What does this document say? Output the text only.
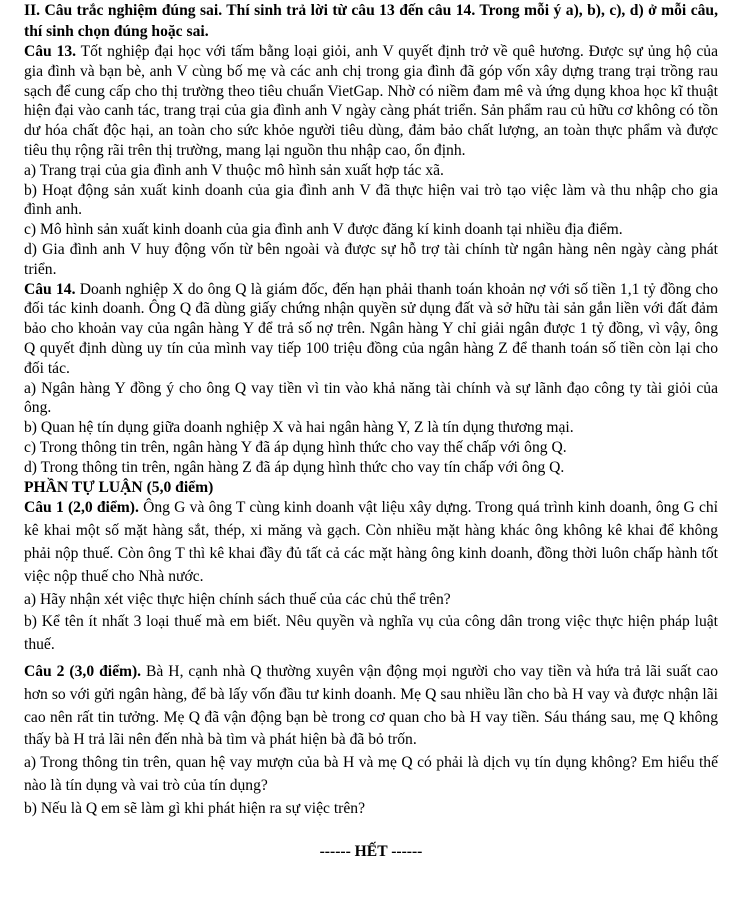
II. Câu trắc nghiệm đúng sai. Thí sinh trả lời từ câu 13 đến câu 14. Trong mỗi ý a), b), c), d) ở mỗi câu, thí sinh chọn đúng hoặc sai.

Câu 13. Tốt nghiệp đại học với tấm bằng loại giỏi, anh V quyết định trở về quê hương. Được sự ủng hộ của gia đình và bạn bè, anh V cùng bố mẹ và các anh chị trong gia đình đã góp vốn xây dựng trang trại trồng rau sạch để cung cấp cho thị trường theo tiêu chuẩn VietGap. Nhờ có niềm đam mê và ứng dụng khoa học kĩ thuật hiện đại vào canh tác, trang trại của gia đình anh V ngày càng phát triển. Sản phẩm rau củ hữu cơ không có tồn dư hóa chất độc hại, an toàn cho sức khỏe người tiêu dùng, đảm bảo chất lượng, an toàn thực phẩm và được tiêu thụ rộng rãi trên thị trường, mang lại nguồn thu nhập cao, ổn định.

a) Trang trại của gia đình anh V thuộc mô hình sản xuất hợp tác xã.

b) Hoạt động sản xuất kinh doanh của gia đình anh V đã thực hiện vai trò tạo việc làm và thu nhập cho gia đình anh.

c) Mô hình sản xuất kinh doanh của gia đình anh V được đăng kí kinh doanh tại nhiều địa điểm.

d) Gia đình anh V huy động vốn từ bên ngoài và được sự hỗ trợ tài chính từ ngân hàng nên ngày càng phát triển.

Câu 14. Doanh nghiệp X do ông Q là giám đốc, đến hạn phải thanh toán khoản nợ với số tiền 1,1 tỷ đồng cho đối tác kinh doanh. Ông Q đã dùng giấy chứng nhận quyền sử dụng đất và sở hữu tài sản gắn liền với đất đảm bảo cho khoản vay của ngân hàng Y để trả số nợ trên. Ngân hàng Y chỉ giải ngân được 1 tỷ đồng, vì vậy, ông Q quyết định dùng uy tín của mình vay tiếp 100 triệu đồng của ngân hàng Z để thanh toán số tiền còn lại cho đối tác.

a) Ngân hàng Y đồng ý cho ông Q vay tiền vì tin vào khả năng tài chính và sự lãnh đạo công ty tài giỏi của ông.

b) Quan hệ tín dụng giữa doanh nghiệp X và hai ngân hàng Y, Z là tín dụng thương mại.

c) Trong thông tin trên, ngân hàng Y đã áp dụng hình thức cho vay thế chấp với ông Q.

d) Trong thông tin trên, ngân hàng Z đã áp dụng hình thức cho vay tín chấp với ông Q.

PHẦN TỰ LUẬN (5,0 điểm)

Câu 1 (2,0 điểm). Ông G và ông T cùng kinh doanh vật liệu xây dựng. Trong quá trình kinh doanh, ông G chỉ kê khai một số mặt hàng sắt, thép, xi măng và gạch. Còn nhiều mặt hàng khác ông không kê khai để không phải nộp thuế. Còn ông T thì kê khai đầy đủ tất cả các mặt hàng ông kinh doanh, đồng thời luôn chấp hành tốt việc nộp thuế cho Nhà nước.

a) Hãy nhận xét việc thực hiện chính sách thuế của các chủ thể trên?

b) Kể tên ít nhất 3 loại thuế mà em biết. Nêu quyền và nghĩa vụ của công dân trong việc thực hiện pháp luật thuế.

Câu 2 (3,0 điểm). Bà H, cạnh nhà Q thường xuyên vận động mọi người cho vay tiền và hứa trả lãi suất cao hơn so với gửi ngân hàng, để bà lấy vốn đầu tư kinh doanh. Mẹ Q sau nhiều lần cho bà H vay và được nhận lãi cao nên rất tin tưởng. Mẹ Q đã vận động bạn bè trong cơ quan cho bà H vay tiền. Sáu tháng sau, mẹ Q không thấy bà H trả lãi nên đến nhà bà tìm và phát hiện bà đã bỏ trốn.

a) Trong thông tin trên, quan hệ vay mượn của bà H và mẹ Q có phải là dịch vụ tín dụng không? Em hiểu thế nào là tín dụng và vai trò của tín dụng?

b) Nếu là Q em sẽ làm gì khi phát hiện ra sự việc trên?

------ HẾT ------
